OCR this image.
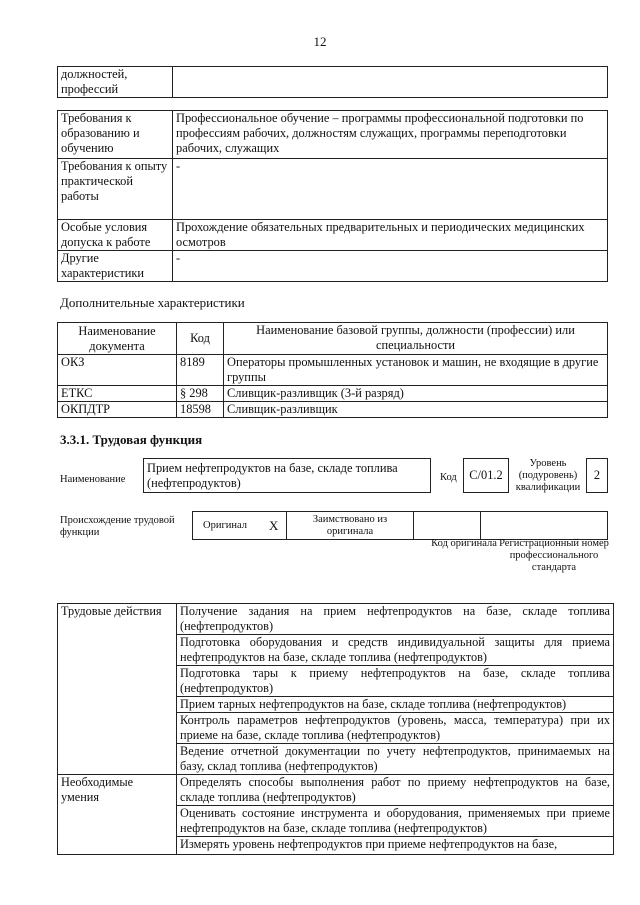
12
должностей, профессий	
Требования к образованию и обучению	Профессиональное обучение – программы профессиональной подготовки по профессиям рабочих, должностям служащих, программы переподготовки рабочих, служащих
Требования к опыту практической работы	-
Особые условия допуска к работе	Прохождение обязательных предварительных и периодических медицинских осмотров
Другие характеристики	-
Дополнительные характеристики
Наименование документа	Код	Наименование базовой группы, должности (профессии) или специальности
ОКЗ	8189	Операторы промышленных установок и машин, не входящие в другие группы
ЕТКС	§ 298	Сливщик-разливщик (3-й разряд)
ОКПДТР	18598	Сливщик-разливщик
3.3.1. Трудовая функция
Наименование
Прием нефтепродуктов на базе, складе топлива (нефтепродуктов)	Код C/01.2
Уровень (подуровень) квалификации
2
Происхождение трудовой функции
Оригинал	X	Заимствовано из оригинала		
Код оригинала Регистрационный номер профессионального стандарта
Трудовые действия	Получение задания на прием нефтепродуктов на базе, складе топлива (нефтепродуктов)
	Подготовка оборудования и средств индивидуальной защиты для приема нефтепродуктов на базе, складе топлива (нефтепродуктов)
	Подготовка тары к приему нефтепродуктов на базе, складе топлива (нефтепродуктов)
	Прием тарных нефтепродуктов на базе, складе топлива (нефтепродуктов)
	Контроль параметров нефтепродуктов (уровень, масса, температура) при их приеме на базе, складе топлива (нефтепродуктов)
	Ведение отчетной документации по учету нефтепродуктов, принимаемых на базу, склад топлива (нефтепродуктов)
Необходимые умения	Определять способы выполнения работ по приему нефтепродуктов на базе, складе топлива (нефтепродуктов)
	Оценивать состояние инструмента и оборудования, применяемых при приеме нефтепродуктов на базе, складе топлива (нефтепродуктов)
	Измерять уровень нефтепродуктов при приеме нефтепродуктов на базе,
